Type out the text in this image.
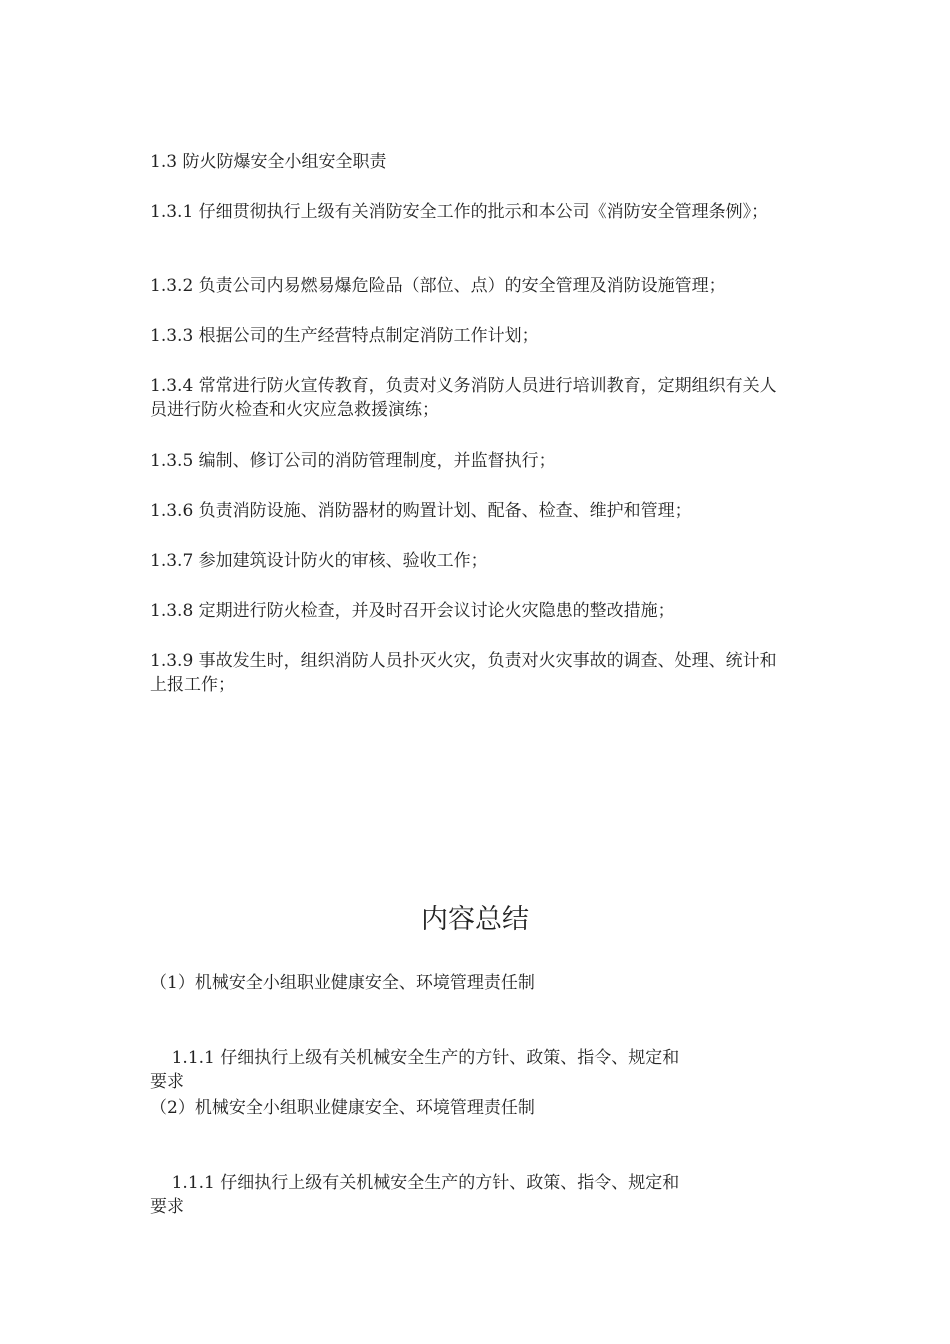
1.3 防火防爆安全小组安全职责
1.3.1 仔细贯彻执行上级有关消防安全工作的批示和本公司《消防安全管理条例》；
1.3.2 负责公司内易燃易爆危险品（部位、点）的安全管理及消防设施管理；
1.3.3 根据公司的生产经营特点制定消防工作计划；
1.3.4 常常进行防火宣传教育，负责对义务消防人员进行培训教育，定期组织有关人员进行防火检查和火灾应急救援演练；
1.3.5 编制、修订公司的消防管理制度，并监督执行；
1.3.6 负责消防设施、消防器材的购置计划、配备、检查、维护和管理；
1.3.7 参加建筑设计防火的审核、验收工作；
1.3.8 定期进行防火检查，并及时召开会议讨论火灾隐患的整改措施；
1.3.9 事故发生时，组织消防人员扑灭火灾，负责对火灾事故的调查、处理、统计和上报工作；
内容总结
（1）机械安全小组职业健康安全、环境管理责任制
1.1.1 仔细执行上级有关机械安全生产的方针、政策、指令、规定和
要求
（2）机械安全小组职业健康安全、环境管理责任制
1.1.1 仔细执行上级有关机械安全生产的方针、政策、指令、规定和
要求
